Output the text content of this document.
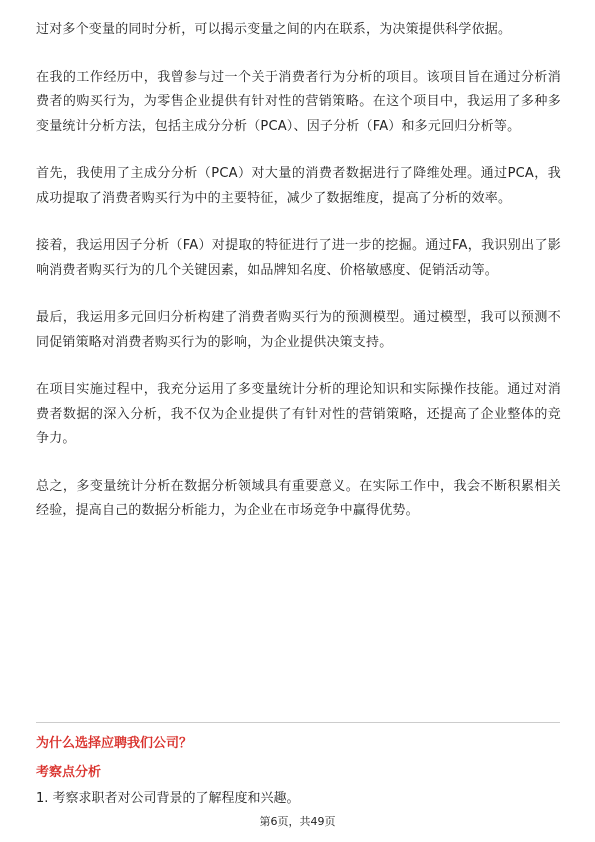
过对多个变量的同时分析，可以揭示变量之间的内在联系，为决策提供科学依据。

在我的工作经历中，我曾参与过一个关于消费者行为分析的项目。该项目旨在通过分析消费者的购买行为，为零售企业提供有针对性的营销策略。在这个项目中，我运用了多种多变量统计分析方法，包括主成分分析（PCA）、因子分析（FA）和多元回归分析等。

首先，我使用了主成分分析（PCA）对大量的消费者数据进行了降维处理。通过PCA，我成功提取了消费者购买行为中的主要特征，减少了数据维度，提高了分析的效率。

接着，我运用因子分析（FA）对提取的特征进行了进一步的挖掘。通过FA，我识别出了影响消费者购买行为的几个关键因素，如品牌知名度、价格敏感度、促销活动等。

最后，我运用多元回归分析构建了消费者购买行为的预测模型。通过模型，我可以预测不同促销策略对消费者购买行为的影响，为企业提供决策支持。

在项目实施过程中，我充分运用了多变量统计分析的理论知识和实际操作技能。通过对消费者数据的深入分析，我不仅为企业提供了有针对性的营销策略，还提高了企业整体的竞争力。

总之，多变量统计分析在数据分析领域具有重要意义。在实际工作中，我会不断积累相关经验，提高自己的数据分析能力，为企业在市场竞争中赢得优势。

为什么选择应聘我们公司？
考察点分析
1. 考察求职者对公司背景的了解程度和兴趣。
第6页，共49页
